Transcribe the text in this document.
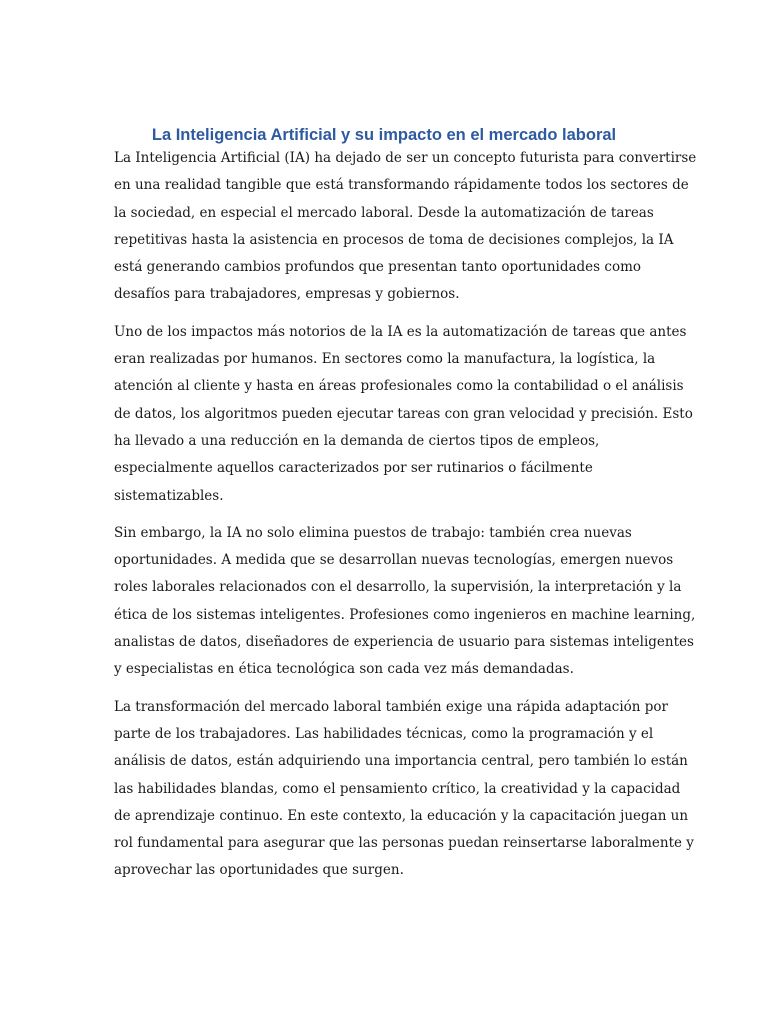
La Inteligencia Artificial y su impacto en el mercado laboral

La Inteligencia Artificial (IA) ha dejado de ser un concepto futurista para convertirse
en una realidad tangible que está transformando rápidamente todos los sectores de
la sociedad, en especial el mercado laboral. Desde la automatización de tareas
repetitivas hasta la asistencia en procesos de toma de decisiones complejos, la IA
está generando cambios profundos que presentan tanto oportunidades como
desafíos para trabajadores, empresas y gobiernos.

Uno de los impactos más notorios de la IA es la automatización de tareas que antes
eran realizadas por humanos. En sectores como la manufactura, la logística, la
atención al cliente y hasta en áreas profesionales como la contabilidad o el análisis
de datos, los algoritmos pueden ejecutar tareas con gran velocidad y precisión. Esto
ha llevado a una reducción en la demanda de ciertos tipos de empleos,
especialmente aquellos caracterizados por ser rutinarios o fácilmente
sistematizables.

Sin embargo, la IA no solo elimina puestos de trabajo: también crea nuevas
oportunidades. A medida que se desarrollan nuevas tecnologías, emergen nuevos
roles laborales relacionados con el desarrollo, la supervisión, la interpretación y la
ética de los sistemas inteligentes. Profesiones como ingenieros en machine learning,
analistas de datos, diseñadores de experiencia de usuario para sistemas inteligentes
y especialistas en ética tecnológica son cada vez más demandadas.

La transformación del mercado laboral también exige una rápida adaptación por
parte de los trabajadores. Las habilidades técnicas, como la programación y el
análisis de datos, están adquiriendo una importancia central, pero también lo están
las habilidades blandas, como el pensamiento crítico, la creatividad y la capacidad
de aprendizaje continuo. En este contexto, la educación y la capacitación juegan un
rol fundamental para asegurar que las personas puedan reinsertarse laboralmente y
aprovechar las oportunidades que surgen.
